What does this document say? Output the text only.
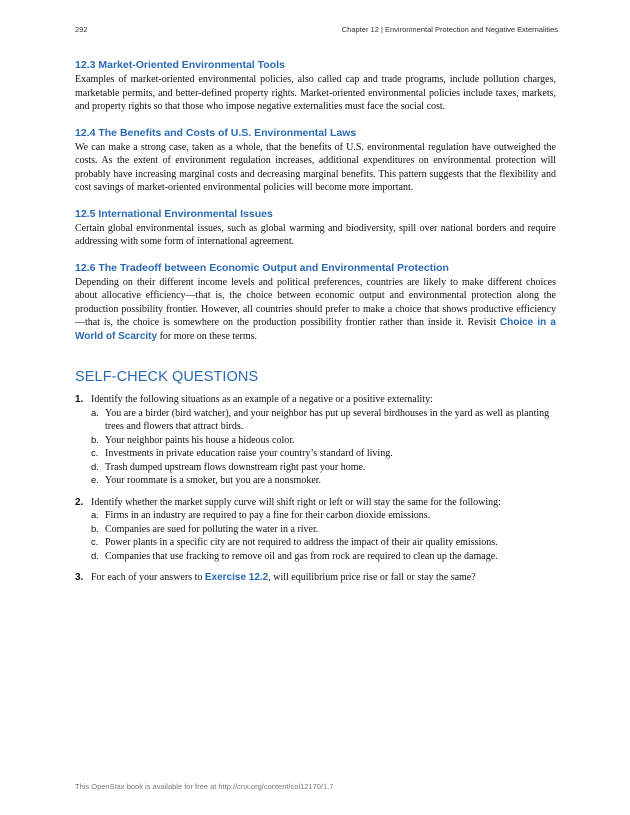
292	Chapter 12 | Environmental Protection and Negative Externalities
12.3 Market-Oriented Environmental Tools

Examples of market-oriented environmental policies, also called cap and trade programs, include pollution charges, marketable permits, and better-defined property rights. Market-oriented environmental policies include taxes, markets, and property rights so that those who impose negative externalities must face the social cost.

12.4 The Benefits and Costs of U.S. Environmental Laws

We can make a strong case, taken as a whole, that the benefits of U.S. environmental regulation have outweighed the costs. As the extent of environment regulation increases, additional expenditures on environmental protection will probably have increasing marginal costs and decreasing marginal benefits. This pattern suggests that the flexibility and cost savings of market-oriented environmental policies will become more important.

12.5 International Environmental Issues

Certain global environmental issues, such as global warming and biodiversity, spill over national borders and require addressing with some form of international agreement.

12.6 The Tradeoff between Economic Output and Environmental Protection

Depending on their different income levels and political preferences, countries are likely to make different choices about allocative efficiency—that is, the choice between economic output and environmental protection along the production possibility frontier. However, all countries should prefer to make a choice that shows productive efficiency—that is, the choice is somewhere on the production possibility frontier rather than inside it. Revisit Choice in a World of Scarcity for more on these terms.

SELF-CHECK QUESTIONS
1. Identify the following situations as an example of a negative or a positive externality:
a. You are a birder (bird watcher), and your neighbor has put up several birdhouses in the yard as well as planting trees and flowers that attract birds.
b. Your neighbor paints his house a hideous color.
c. Investments in private education raise your country’s standard of living.
d. Trash dumped upstream flows downstream right past your home.
e. Your roommate is a smoker, but you are a nonsmoker.
2. Identify whether the market supply curve will shift right or left or will stay the same for the following:
a. Firms in an industry are required to pay a fine for their carbon dioxide emissions.
b. Companies are sued for polluting the water in a river.
c. Power plants in a specific city are not required to address the impact of their air quality emissions.
d. Companies that use fracking to remove oil and gas from rock are required to clean up the damage.
3. For each of your answers to Exercise 12.2, will equilibrium price rise or fall or stay the same?
This OpenStax book is available for free at http://cnx.org/content/col12170/1.7
